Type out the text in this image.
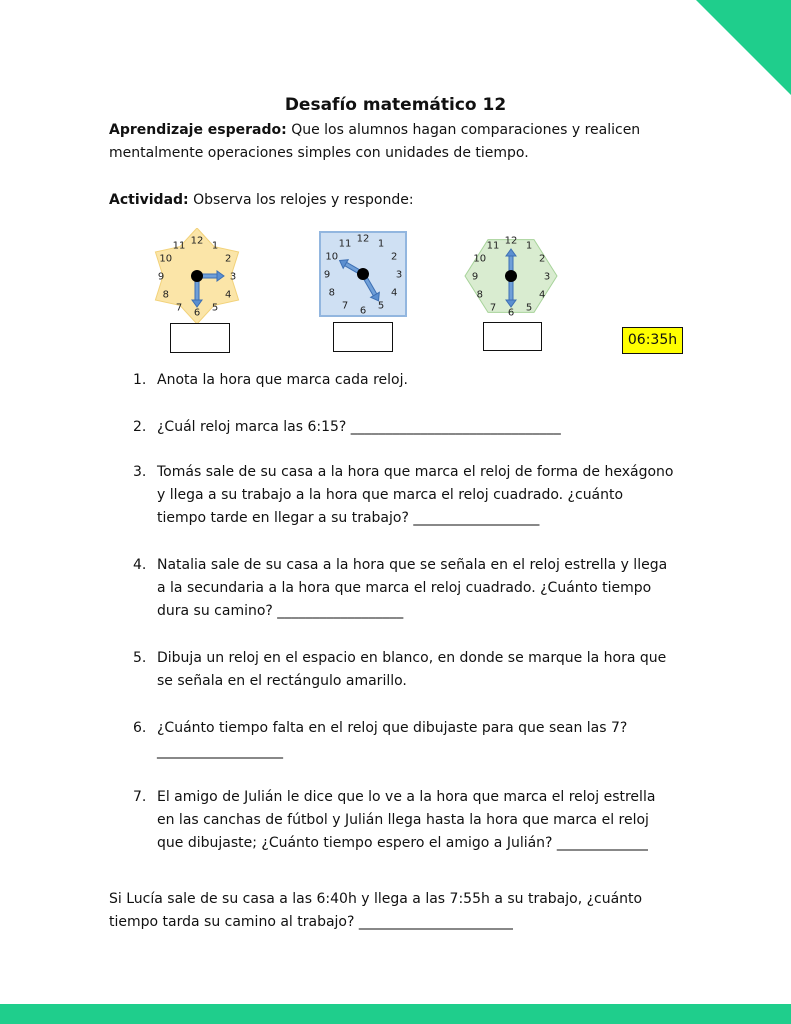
Desafío matemático 12

Aprendizaje esperado: Que los alumnos hagan comparaciones y realicen mentalmente operaciones simples con unidades de tiempo.

Actividad: Observa los relojes y responde:

12 1
2
3
4
5
6
7
8
9
10
11
12 1
2
3
4
5
6
7
8
9
10
11	12 1
2
3
4
5
6
7
8
9
10
11
06:35h
1. Anota la hora que marca cada reloj.
2. ¿Cuál reloj marca las 6:15? ______________________________
3. Tomás sale de su casa a la hora que marca el reloj de forma de hexágono
y llega a su trabajo a la hora que marca el reloj cuadrado. ¿cuánto
tiempo tarde en llegar a su trabajo? __________________
4. Natalia sale de su casa a la hora que se señala en el reloj estrella y llega
a la secundaria a la hora que marca el reloj cuadrado. ¿Cuánto tiempo
dura su camino? __________________
5. Dibuja un reloj en el espacio en blanco, en donde se marque la hora que
se señala en el rectángulo amarillo.
6. ¿Cuánto tiempo falta en el reloj que dibujaste para que sean las 7?
__________________
7. El amigo de Julián le dice que lo ve a la hora que marca el reloj estrella
en las canchas de fútbol y Julián llega hasta la hora que marca el reloj
que dibujaste; ¿Cuánto tiempo espero el amigo a Julián? _____________

Si Lucía sale de su casa a las 6:40h y llega a las 7:55h a su trabajo, ¿cuánto
tiempo tarda su camino al trabajo? ______________________
